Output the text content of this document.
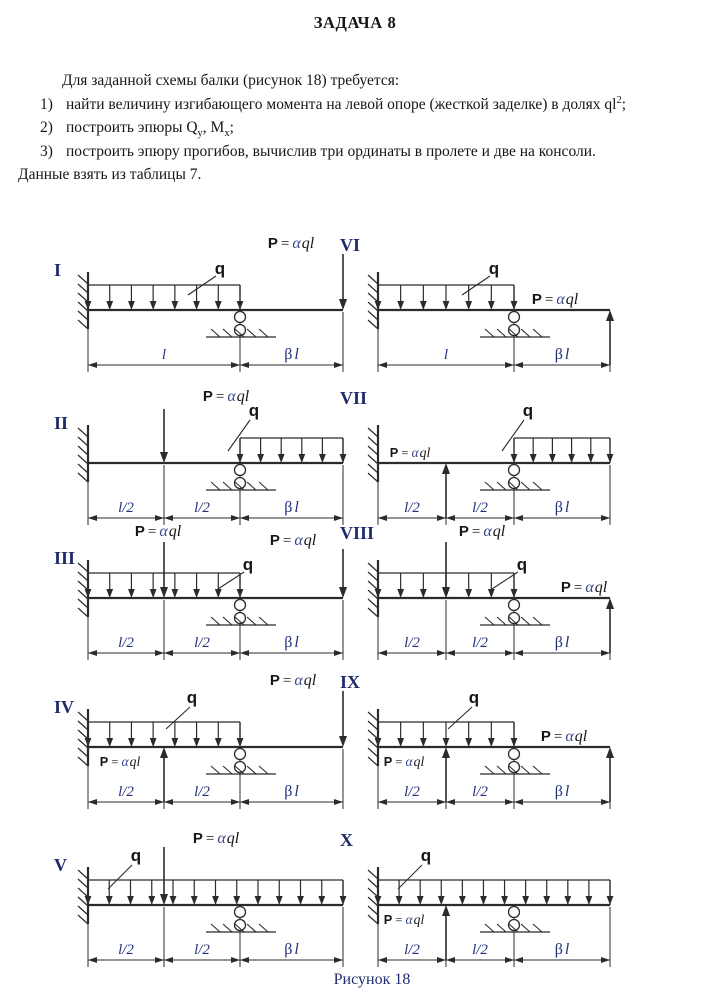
ЗАДАЧА 8

Для заданной схемы балки (рисунок 18) требуется:

1) найти величину изгибающего момента на левой опоре (жесткой заделке) в долях $ql^2$;
2) построить эпюры $Q_y$, $M_x$;
3) построить эпюру прогибов, вычислив три ординаты в пролете и две на консоли.

Данные взять из таблицы 7.

l	β l
q
P = αql
I
l/2	l/2	β l
q
P = αql
II
l/2	l/2	β l
q
P = αql
P = αql
III
l/2	l/2	β l
q
P = αql
P = αql
IV
l/2	l/2	β l
q
P = αql
V
l	β l
q
P = αql
VI
l/2	l/2	β l
q
P = αql
VII
l/2	l/2	β l
q
P = αql
P = αql
VIII
l/2	l/2	β l
q
P = αql
P = αql
IX
l/2	l/2	β l
q
P = αql
X
Рисунок 18
